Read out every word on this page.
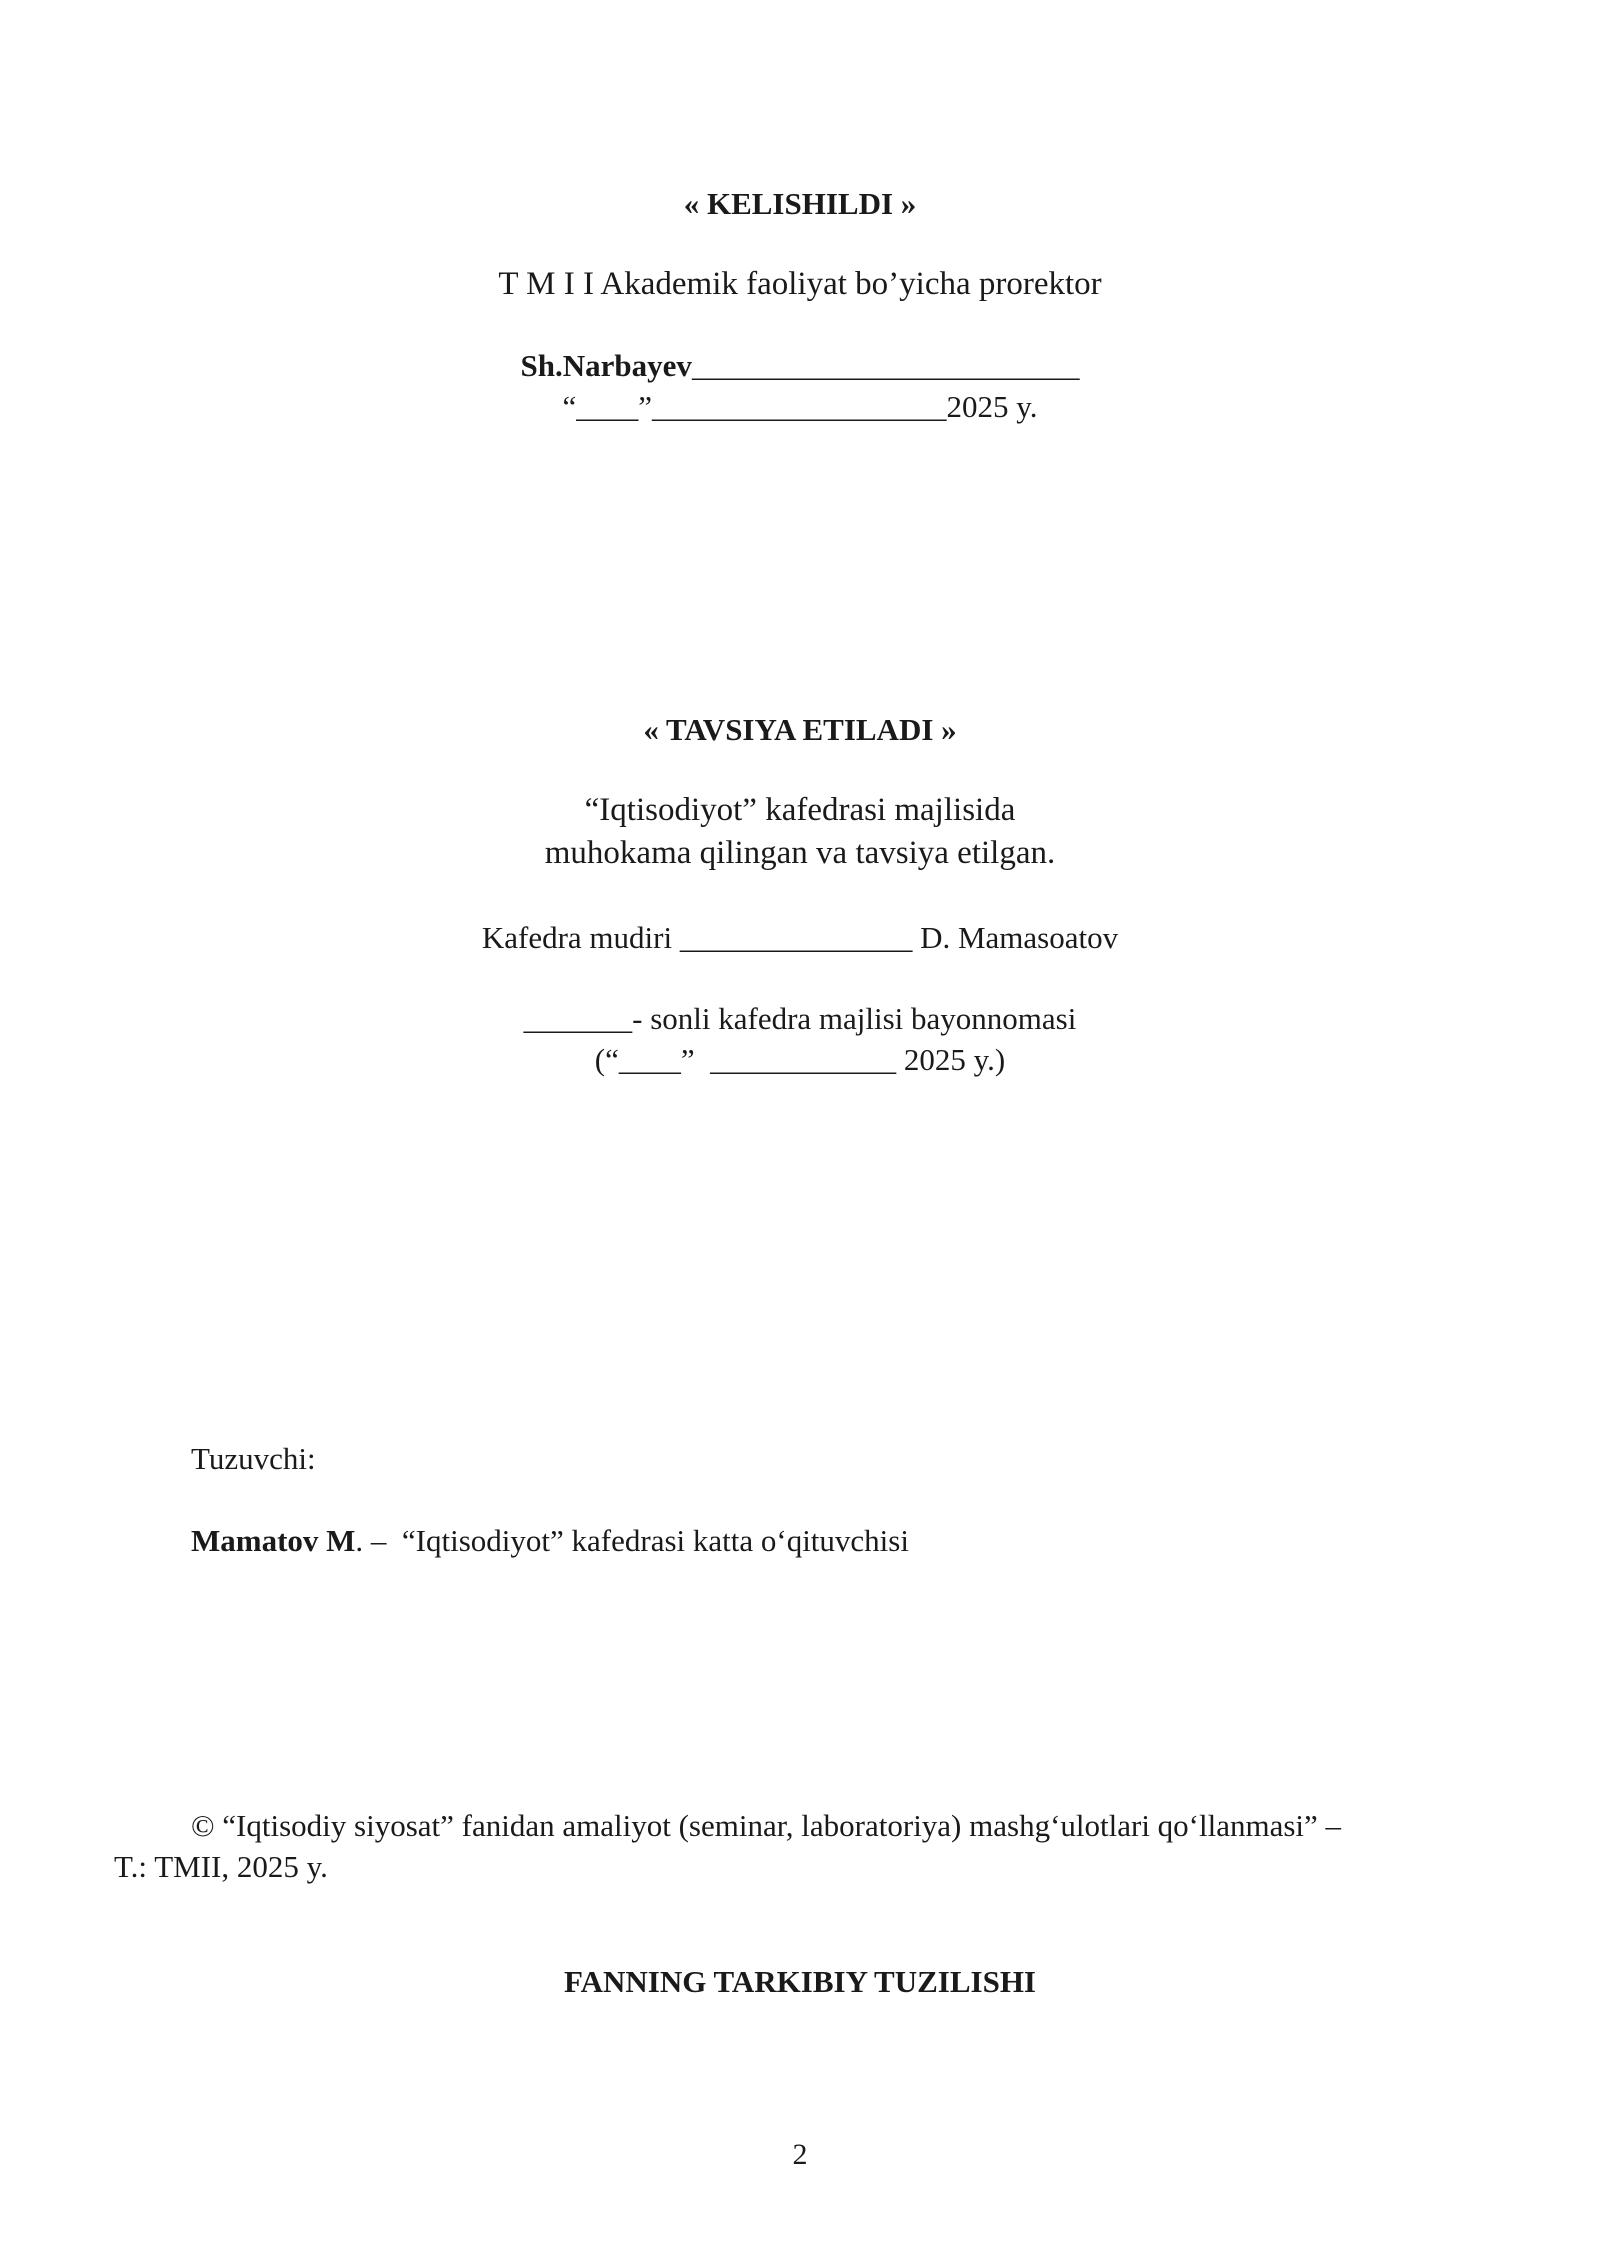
« KELISHILDI »
T M I I Akademik faoliyat bo’yicha prorektor
Sh.Narbayev_________________________
“____”___________________2025 y.
« TAVSIYA ETILADI »
“Iqtisodiyot” kafedrasi majlisida
muhokama qilingan va tavsiya etilgan.
Kafedra mudiri _______________ D. Mamasoatov
_______- sonli kafedra majlisi bayonnomasi
(“____”  ____________ 2025 y.)
Tuzuvchi:
Mamatov M. –  “Iqtisodiyot” kafedrasi katta o‘qituvchisi
© “Iqtisodiy siyosat” fanidan amaliyot (seminar, laboratoriya) mashg‘ulotlari qo‘llanmasi” –
T.: TMII, 2025 y.
FANNING TARKIBIY TUZILISHI
2
